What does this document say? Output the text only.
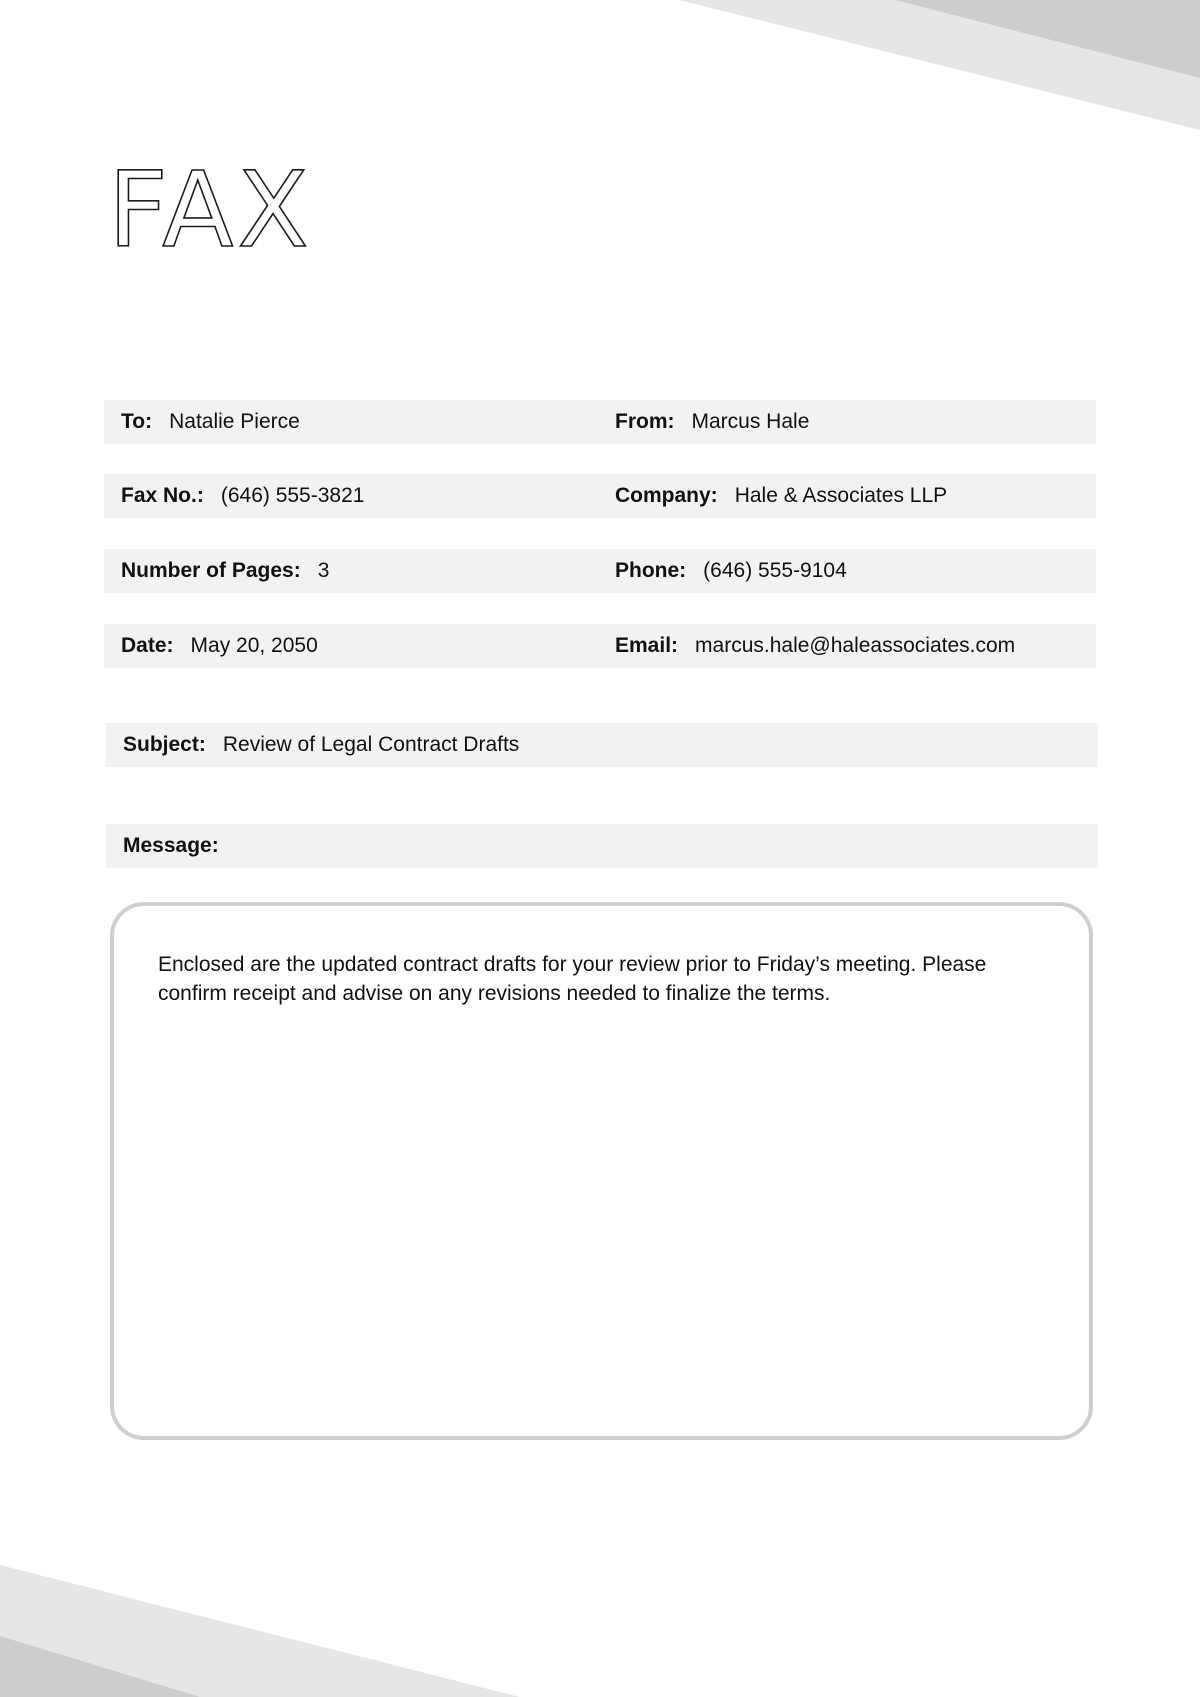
FAX
To: Natalie Pierce	From: Marcus Hale
Fax No.: (646) 555-3821	Company: Hale & Associates LLP
Number of Pages: 3	Phone: (646) 555-9104
Date: May 20, 2050	Email: marcus.hale@haleassociates.com
Subject: Review of Legal Contract Drafts
Message:

Enclosed are the updated contract drafts for your review prior to Friday’s meeting. Please confirm receipt and advise on any revisions needed to finalize the terms.
